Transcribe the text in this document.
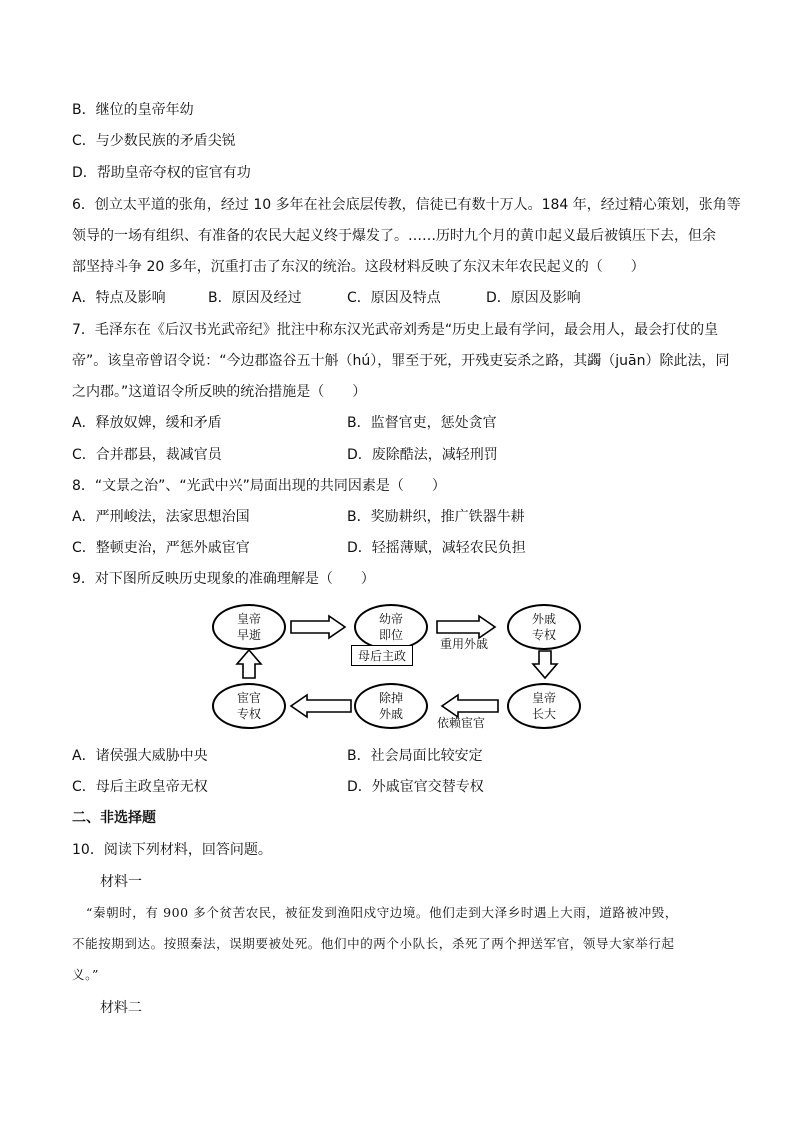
B．继位的皇帝年幼
C．与少数民族的矛盾尖锐
D．帮助皇帝夺权的宦官有功
6．创立太平道的张角，经过 10 多年在社会底层传教，信徒已有数十万人。184 年，经过精心策划，张角等
领导的一场有组织、有准备的农民大起义终于爆发了。……历时九个月的黄巾起义最后被镇压下去，但余
部坚持斗争 20 多年，沉重打击了东汉的统治。这段材料反映了东汉末年农民起义的（　　）
A．特点及影响	B．原因及经过	C．原因及特点	D．原因及影响
7．毛泽东在《后汉书光武帝纪》批注中称东汉光武帝刘秀是“历史上最有学问，最会用人，最会打仗的皇
帝”。该皇帝曾诏令说：“今边郡盗谷五十斛（hú），罪至于死，开残吏妄杀之路，其蠲（juān）除此法，同
之内郡。”这道诏令所反映的统治措施是（　　）
A．释放奴婢，缓和矛盾	B．监督官吏，惩处贪官
C．合并郡县，裁减官员	D．废除酷法，减轻刑罚
8．“文景之治”、“光武中兴”局面出现的共同因素是（　　）
A．严刑峻法，法家思想治国	B．奖励耕织，推广铁器牛耕
C．整顿吏治，严惩外戚宦官	D．轻摇薄赋，减轻农民负担
9．对下图所反映历史现象的准确理解是（　　）
皇帝
早逝
幼帝
即位
母后主政
重用外戚
外戚
专权
皇帝
长大
依赖宦官
除掉
外戚
宦官
专权
A．诸侯强大威胁中央	B．社会局面比较安定
C．母后主政皇帝无权	D．外戚宦官交替专权
二、非选择题
10．阅读下列材料，回答问题。
材料一
“秦朝时，有 900 多个贫苦农民，被征发到渔阳戍守边境。他们走到大泽乡时遇上大雨，道路被冲毁，
不能按期到达。按照秦法，误期要被处死。他们中的两个小队长，杀死了两个押送军官，领导大家举行起
义。”
材料二
